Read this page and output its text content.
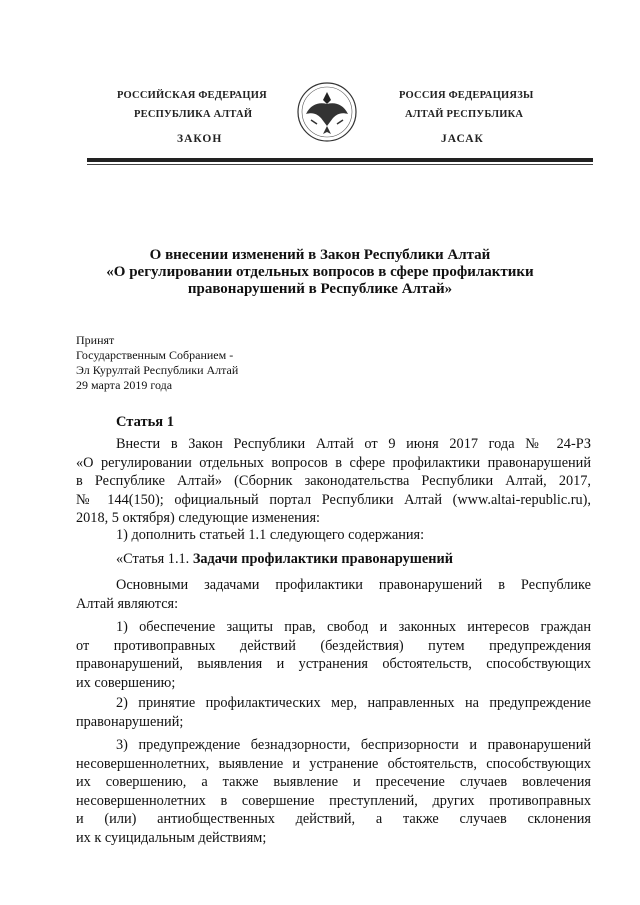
РОССИЙСКАЯ ФЕДЕРАЦИЯ
РЕСПУБЛИКА АЛТАЙ
ЗАКОН
РОССИЯ ФЕДЕРАЦИЯЗЫ
АЛТАЙ РЕСПУБЛИКА
JАСАК
О внесении изменений в Закон Республики Алтай
«О регулировании отдельных вопросов в сфере профилактики
правонарушений в Республике Алтай»
Принят
Государственным Собранием -
Эл Курултай Республики Алтай
29 марта 2019 года
Статья 1
Внести в Закон Республики Алтай от 9 июня 2017 года № 24-РЗ
«О регулировании отдельных вопросов в сфере профилактики правонарушений
в Республике Алтай» (Сборник законодательства Республики Алтай, 2017,
№ 144(150); официальный портал Республики Алтай (www.altai-republic.ru),
2018, 5 октября) следующие изменения:
1) дополнить статьей 1.1 следующего содержания:
«Статья 1.1. Задачи профилактики правонарушений
Основными задачами профилактики правонарушений в Республике
Алтай являются:
1) обеспечение защиты прав, свобод и законных интересов граждан
от противоправных действий (бездействия) путем предупреждения
правонарушений, выявления и устранения обстоятельств, способствующих
их совершению;
2) принятие профилактических мер, направленных на предупреждение
правонарушений;
3) предупреждение безнадзорности, беспризорности и правонарушений
несовершеннолетних, выявление и устранение обстоятельств, способствующих
их совершению, а также выявление и пресечение случаев вовлечения
несовершеннолетних в совершение преступлений, других противоправных
и (или) антиобщественных действий, а также случаев склонения
их к суицидальным действиям;
